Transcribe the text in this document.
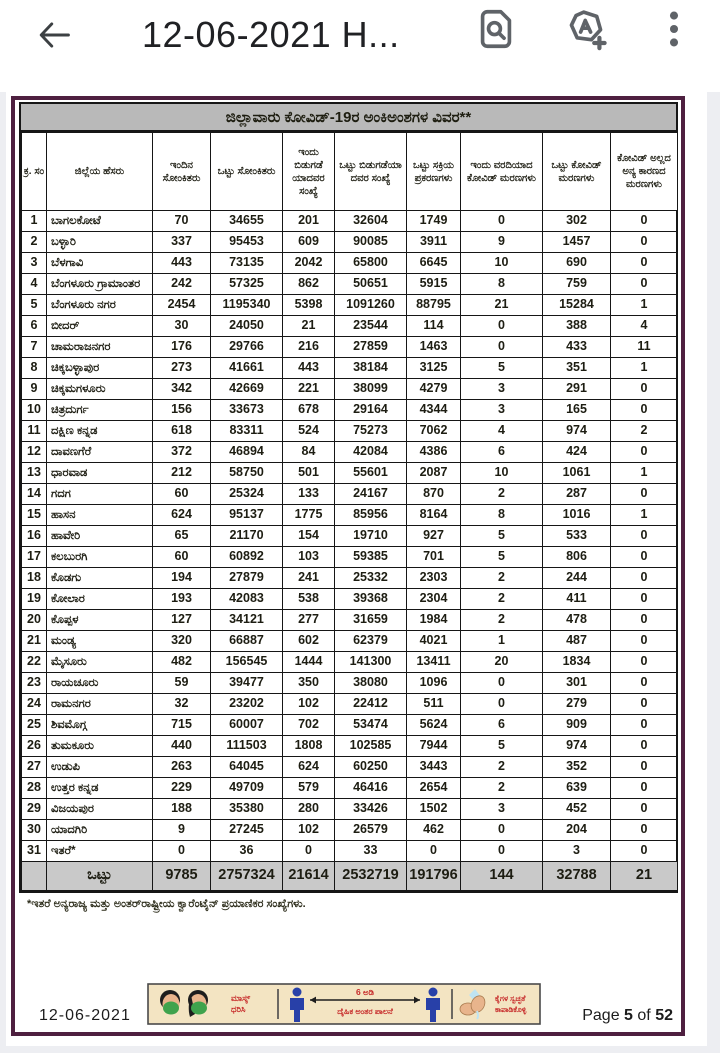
12-06-2021 H...
ಜಿಲ್ಲಾವಾರು ಕೋವಿಡ್-19ರ ಅಂಕಿಅಂಶಗಳ ವಿವರ**
ಕ್ರ. ಸಂ	ಜಿಲ್ಲೆಯ ಹೆಸರು	ಇಂದಿನ ಸೋಂಕಿತರು	ಒಟ್ಟು ಸೋಂಕಿತರು	ಇಂದು ಬಿಡುಗಡೆ ಯಾದವರ ಸಂಖ್ಯೆ	ಒಟ್ಟು ಬಿಡುಗಡೆಯಾ ದವರ ಸಂಖ್ಯೆ	ಒಟ್ಟು ಸಕ್ರಿಯ ಪ್ರಕರಣಗಳು	ಇಂದು ವರದಿಯಾದ ಕೋವಿಡ್ ಮರಣಗಳು	ಒಟ್ಟು ಕೋವಿಡ್ ಮರಣಗಳು	ಕೋವಿಡ್ ಅಲ್ಲದ ಅನ್ಯ ಕಾರಣದ ಮರಣಗಳು
1	ಬಾಗಲಕೋಟೆ	70	34655	201	32604	1749	0	302	0
2	ಬಳ್ಳಾರಿ	337	95453	609	90085	3911	9	1457	0
3	ಬೆಳಗಾವಿ	443	73135	2042	65800	6645	10	690	0
4	ಬೆಂಗಳೂರು ಗ್ರಾಮಾಂತರ	242	57325	862	50651	5915	8	759	0
5	ಬೆಂಗಳೂರು ನಗರ	2454	1195340	5398	1091260	88795	21	15284	1
6	ಬೀದರ್	30	24050	21	23544	114	0	388	4
7	ಚಾಮರಾಜನಗರ	176	29766	216	27859	1463	0	433	11
8	ಚಿಕ್ಕಬಳ್ಳಾಪುರ	273	41661	443	38184	3125	5	351	1
9	ಚಿಕ್ಕಮಗಳೂರು	342	42669	221	38099	4279	3	291	0
10	ಚಿತ್ರದುರ್ಗ	156	33673	678	29164	4344	3	165	0
11	ದಕ್ಷಿಣ ಕನ್ನಡ	618	83311	524	75273	7062	4	974	2
12	ದಾವಣಗೆರೆ	372	46894	84	42084	4386	6	424	0
13	ಧಾರವಾಡ	212	58750	501	55601	2087	10	1061	1
14	ಗದಗ	60	25324	133	24167	870	2	287	0
15	ಹಾಸನ	624	95137	1775	85956	8164	8	1016	1
16	ಹಾವೇರಿ	65	21170	154	19710	927	5	533	0
17	ಕಲಬುರಗಿ	60	60892	103	59385	701	5	806	0
18	ಕೊಡಗು	194	27879	241	25332	2303	2	244	0
19	ಕೋಲಾರ	193	42083	538	39368	2304	2	411	0
20	ಕೊಪ್ಪಳ	127	34121	277	31659	1984	2	478	0
21	ಮಂಡ್ಯ	320	66887	602	62379	4021	1	487	0
22	ಮೈಸೂರು	482	156545	1444	141300	13411	20	1834	0
23	ರಾಯಚೂರು	59	39477	350	38080	1096	0	301	0
24	ರಾಮನಗರ	32	23202	102	22412	511	0	279	0
25	ಶಿವಮೊಗ್ಗ	715	60007	702	53474	5624	6	909	0
26	ತುಮಕೂರು	440	111503	1808	102585	7944	5	974	0
27	ಉಡುಪಿ	263	64045	624	60250	3443	2	352	0
28	ಉತ್ತರ ಕನ್ನಡ	229	49709	579	46416	2654	2	639	0
29	ವಿಜಯಪುರ	188	35380	280	33426	1502	3	452	0
30	ಯಾದಗಿರಿ	9	27245	102	26579	462	0	204	0
31	ಇತರೆ*	0	36	0	33	0	0	3	0
	ಒಟ್ಟು	9785	2757324	21614	2532719	191796	144	32788	21
*ಇತರೆ ಅನ್ಯರಾಜ್ಯ ಮತ್ತು ಅಂತರ್‌ರಾಷ್ಟ್ರೀಯ ಕ್ವಾರೆಂಟೈನ್ ಪ್ರಯಾಣಿಕರ ಸಂಖ್ಯೆಗಳು.
ಮಾಸ್ಕ್
ಧರಿಸಿ
6 ಅಡಿ
ದೈಹಿಕ ಅಂತರ ಪಾಲನೆ
ಕೈಗಳ ಸ್ವಚ್ಛತೆ
ಕಾಪಾಡಿಕೊಳ್ಳಿ
12-06-2021	Page 5 of 52
